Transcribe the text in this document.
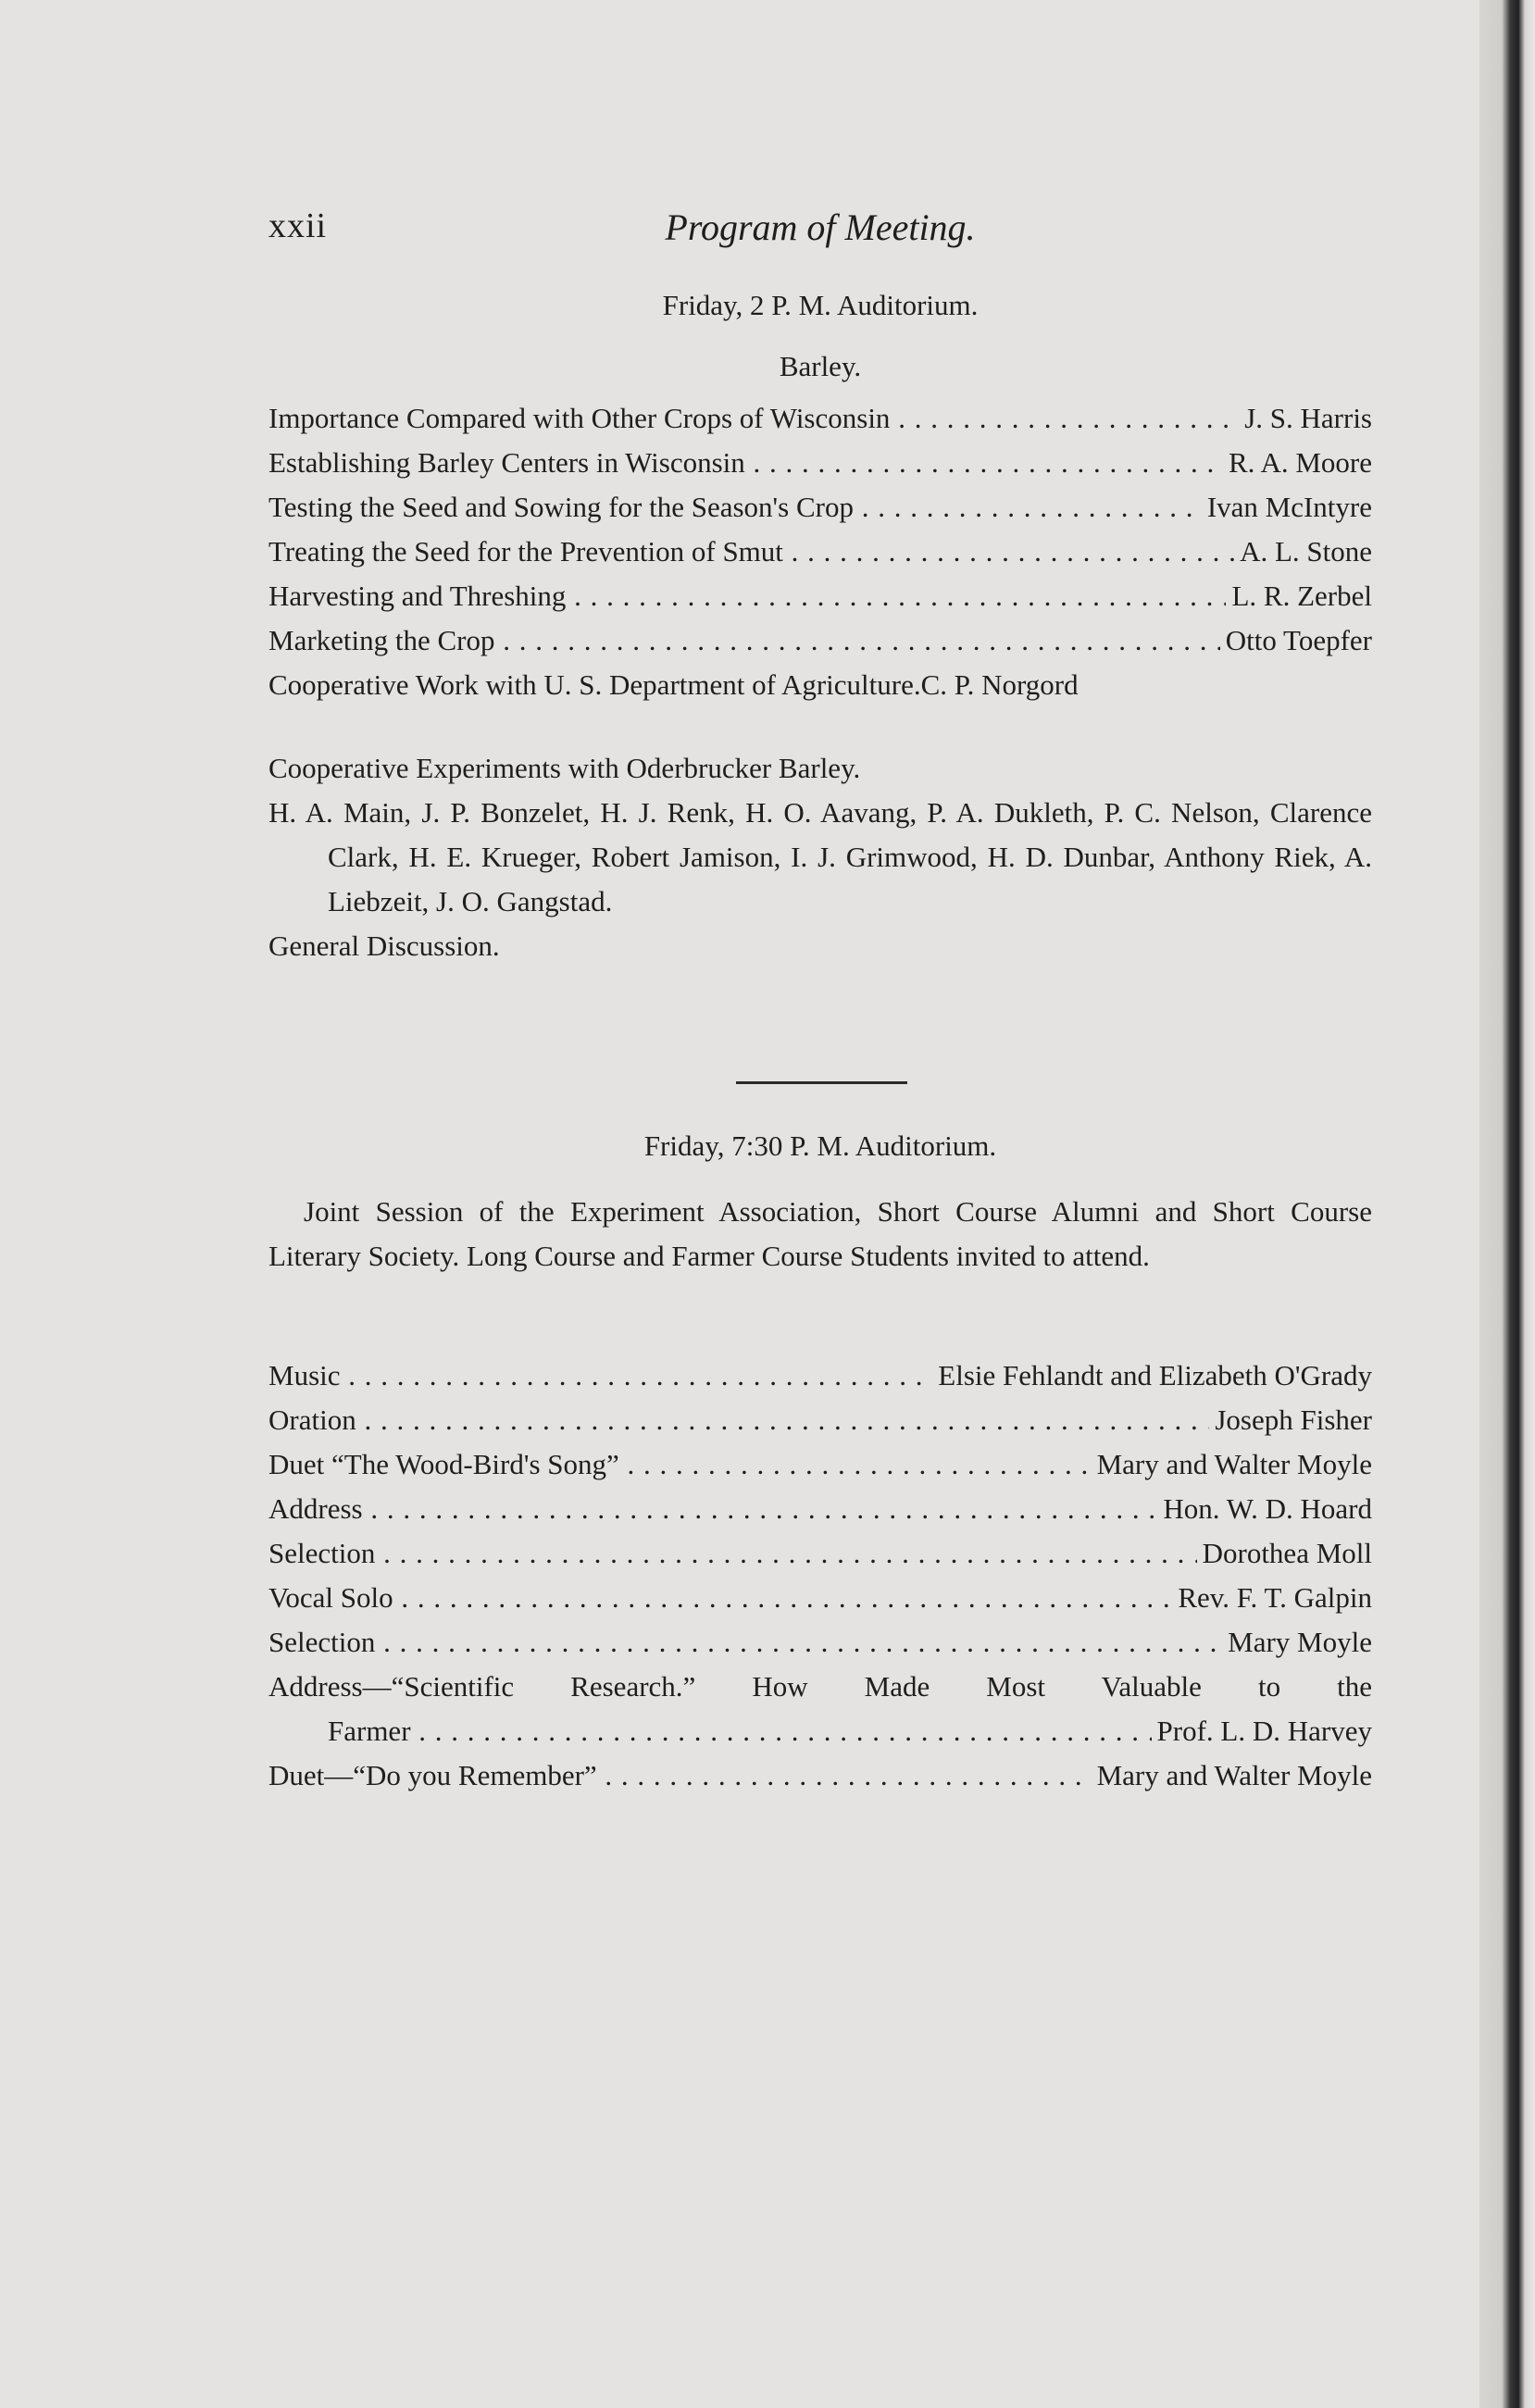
xxii	Program of Meeting.
Friday, 2 P. M. Auditorium.
Barley.
Importance Compared with Other Crops of Wisconsin . . .	J. S. Harris
Establishing Barley Centers in Wisconsin . . .	R. A. Moore
Testing the Seed and Sowing for the Season's Crop . . .	Ivan McIntyre
Treating the Seed for the Prevention of Smut . . .	A. L. Stone
Harvesting and Threshing . . .	L. R. Zerbel
Marketing the Crop . . .	Otto Toepfer
Cooperative Work with U. S. Department of Agriculture. C. P. Norgord
Cooperative Experiments with Oderbrucker Barley.
H. A. Main, J. P. Bonzelet, H. J. Renk, H. O. Aavang, P. A. Dukleth, P. C. Nelson, Clarence Clark, H. E. Krueger, Robert Jamison, I. J. Grimwood, H. D. Dunbar, Anthony Riek, A. Liebzeit, J. O. Gangstad.
General Discussion.
Friday, 7:30 P. M. Auditorium.
Joint Session of the Experiment Association, Short Course Alumni and Short Course Literary Society. Long Course and Farmer Course Students invited to attend.
Music . . .	Elsie Fehlandt and Elizabeth O'Grady
Oration . . .	Joseph Fisher
Duet “The Wood-Bird's Song” . . .	Mary and Walter Moyle
Address . . .	Hon. W. D. Hoard
Selection . . .	Dorothea Moll
Vocal Solo . . .	Rev. F. T. Galpin
Selection . . .	Mary Moyle
Address—“Scientific Research.” How Made Most Valuable to the
Farmer . . .	Prof. L. D. Harvey
Duet—“Do you Remember” . . .	Mary and Walter Moyle
